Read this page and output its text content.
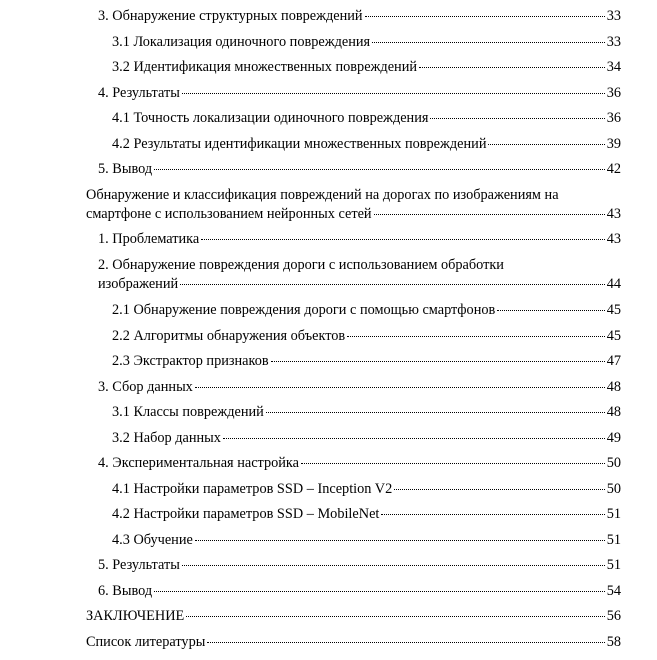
3. Обнаружение структурных повреждений	33
3.1 Локализация одиночного повреждения	33
3.2 Идентификация множественных повреждений	34
4. Результаты	36
4.1 Точность локализации одиночного повреждения	36
4.2 Результаты идентификации множественных повреждений	39
5. Вывод	42
Обнаружение и классификация повреждений на дорогах по изображениям на
смартфоне с использованием нейронных сетей	43
1. Проблематика	43
2. Обнаружение повреждения дороги с использованием обработки
изображений	44
2.1 Обнаружение повреждения дороги с помощью смартфонов	45
2.2 Алгоритмы обнаружения объектов	45
2.3 Экстрактор признаков	47
3. Сбор данных	48
3.1 Классы повреждений	48
3.2 Набор данных	49
4. Экспериментальная настройка	50
4.1 Настройки параметров SSD – Inception V2	50
4.2 Настройки параметров SSD – MobileNet	51
4.3 Обучение	51
5. Результаты	51
6. Вывод	54
ЗАКЛЮЧЕНИЕ	56
Список литературы	58
